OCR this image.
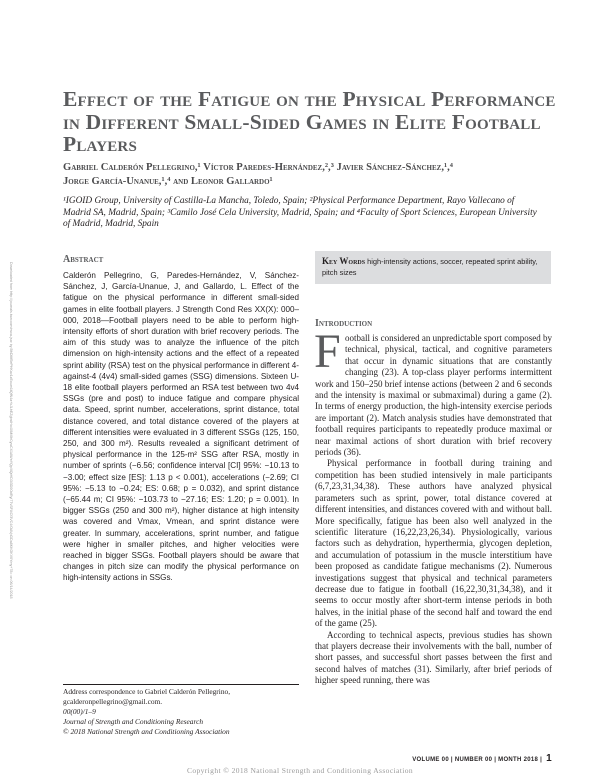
Effect of the Fatigue on the Physical Performance in Different Small-Sided Games in Elite Football Players
Gabriel Calderón Pellegrino,¹ Víctor Paredes-Hernández,²,³ Javier Sánchez-Sánchez,¹,⁴
Jorge García-Unanue,¹,⁴ and Leonor Gallardo¹
¹IGOID Group, University of Castilla-La Mancha, Toledo, Spain; ²Physical Performance Department, Rayo Vallecano of Madrid SA, Madrid, Spain; ³Camilo José Cela University, Madrid, Spain; and ⁴Faculty of Sport Sciences, European University of Madrid, Madrid, Spain
Downloaded from http://journals.lww.com/nsca-jscr by BhDMf5ePHKav1zEoum1tQfN4a+kJLhEZgbsIHo4XMi0hCywCX1AWnYQp/IlQrHD3i3D0OdRyi7TvSFl4Cf3VC4/OAVpDDa8KKGKV0Ymy+78= on 06/14/2018
Abstract
Calderón Pellegrino, G, Paredes-Hernández, V, Sánchez-Sánchez, J, García-Unanue, J, and Gallardo, L. Effect of the fatigue on the physical performance in different small-sided games in elite football players. J Strength Cond Res XX(X): 000–000, 2018—Football players need to be able to perform high-intensity efforts of short duration with brief recovery periods. The aim of this study was to analyze the influence of the pitch dimension on high-intensity actions and the effect of a repeated sprint ability (RSA) test on the physical performance in different 4-against-4 (4v4) small-sided games (SSG) dimensions. Sixteen U-18 elite football players performed an RSA test between two 4v4 SSGs (pre and post) to induce fatigue and compare physical data. Speed, sprint number, accelerations, sprint distance, total distance covered, and total distance covered of the players at different intensities were evaluated in 3 different SSGs (125, 150, 250, and 300 m²). Results revealed a significant detriment of physical performance in the 125-m² SSG after RSA, mostly in number of sprints (−6.56; confidence interval [CI] 95%: −10.13 to −3.00; effect size [ES]: 1.13 p < 0.001), accelerations (−2.69; CI 95%: −5.13 to −0.24; ES: 0.68; p = 0.032), and sprint distance (−65.44 m; CI 95%: −103.73 to −27.16; ES: 1.20; p = 0.001). In bigger SSGs (250 and 300 m²), higher distance at high intensity was covered and Vmax, Vmean, and sprint distance were greater. In summary, accelerations, sprint number, and fatigue were higher in smaller pitches, and higher velocities were reached in bigger SSGs. Football players should be aware that changes in pitch size can modify the physical performance on high-intensity actions in SSGs.
Key Words high-intensity actions, soccer, repeated sprint ability, pitch sizes
Introduction
F ootball is considered an unpredictable sport composed by technical, physical, tactical, and cognitive parameters that occur in dynamic situations that are constantly changing (23). A top-class player performs intermittent work and 150–250 brief intense actions (between 2 and 6 seconds and the intensity is maximal or submaximal) during a game (2). In terms of energy production, the high-intensity exercise periods are important (2). Match analysis studies have demonstrated that football requires participants to repeatedly produce maximal or near maximal actions of short duration with brief recovery periods (36).

Physical performance in football during training and competition has been studied intensively in male participants (6,7,23,31,34,38). These authors have analyzed physical parameters such as sprint, power, total distance covered at different intensities, and distances covered with and without ball. More specifically, fatigue has been also well analyzed in the scientific literature (16,22,23,26,34). Physiologically, various factors such as dehydration, hyperthermia, glycogen depletion, and accumulation of potassium in the muscle interstitium have been proposed as candidate fatigue mechanisms (2). Numerous investigations suggest that physical and technical parameters decrease due to fatigue in football (16,22,30,31,34,38), and it seems to occur mostly after short-term intense periods in both halves, in the initial phase of the second half and toward the end of the game (25).

According to technical aspects, previous studies has shown that players decrease their involvements with the ball, number of short passes, and successful short passes between the first and second halves of matches (31). Similarly, after brief periods of higher speed running, there was

Address correspondence to Gabriel Calderón Pellegrino, gcalderonpellegrino@gmail.com.
00(00)/1–9
Journal of Strength and Conditioning Research
© 2018 National Strength and Conditioning Association
VOLUME 00 | NUMBER 00 | MONTH 2018 | 1
Copyright © 2018 National Strength and Conditioning Association
